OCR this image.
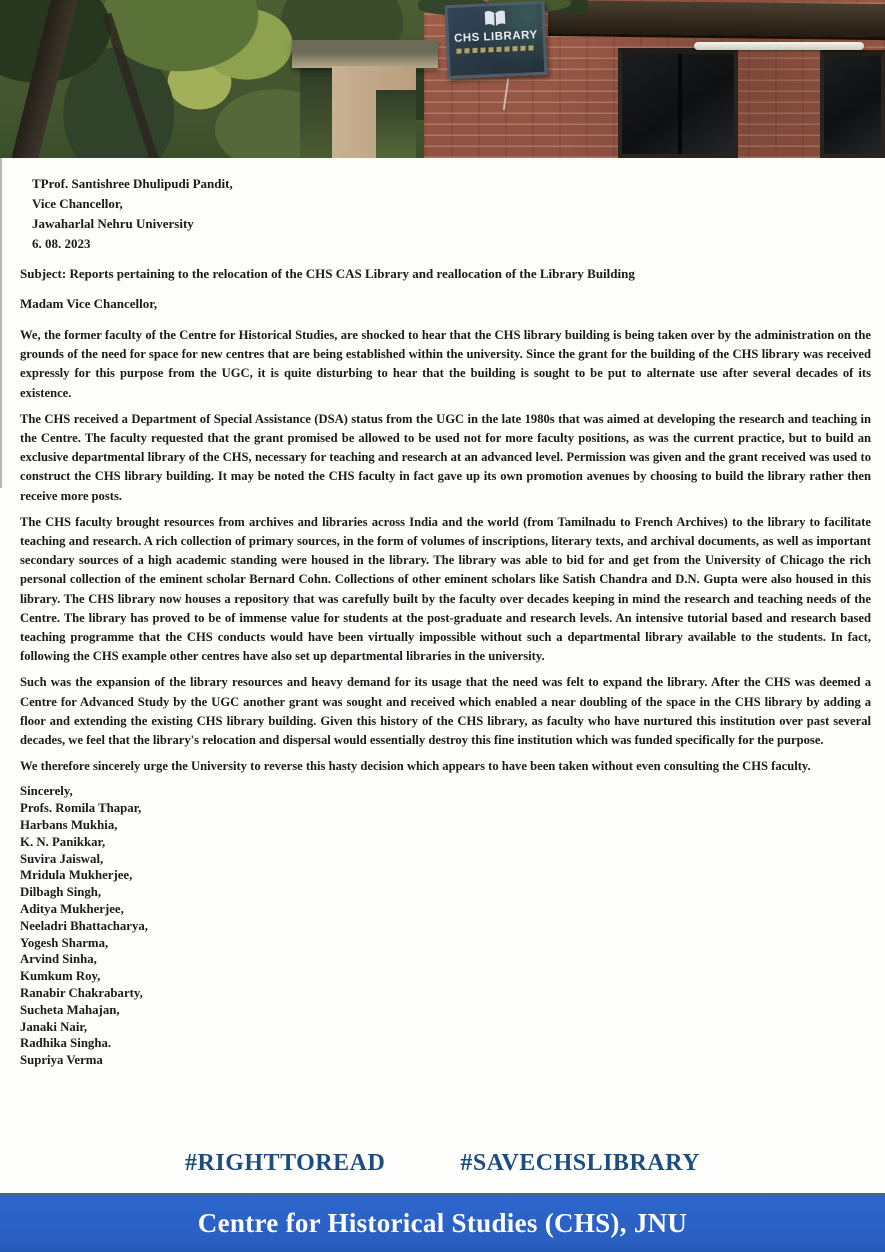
CHS LIBRARY
TProf. Santishree Dhulipudi Pandit,
Vice Chancellor,
Jawaharlal Nehru University
6. 08. 2023
Subject: Reports pertaining to the relocation of the CHS CAS Library and reallocation of the Library Building
Madam Vice Chancellor,

We, the former faculty of the Centre for Historical Studies, are shocked to hear that the CHS library building is being taken over by the administration on the grounds of the need for space for new centres that are being established within the university. Since the grant for the building of the CHS library was received expressly for this purpose from the UGC, it is quite disturbing to hear that the building is sought to be put to alternate use after several decades of its existence.

The CHS received a Department of Special Assistance (DSA) status from the UGC in the late 1980s that was aimed at developing the research and teaching in the Centre. The faculty requested that the grant promised be allowed to be used not for more faculty positions, as was the current practice, but to build an exclusive departmental library of the CHS, necessary for teaching and research at an advanced level. Permission was given and the grant received was used to construct the CHS library building. It may be noted the CHS faculty in fact gave up its own promotion avenues by choosing to build the library rather then receive more posts.

The CHS faculty brought resources from archives and libraries across India and the world (from Tamilnadu to French Archives) to the library to facilitate teaching and research. A rich collection of primary sources, in the form of volumes of inscriptions, literary texts, and archival documents, as well as important secondary sources of a high academic standing were housed in the library. The library was able to bid for and get from the University of Chicago the rich personal collection of the eminent scholar Bernard Cohn. Collections of other eminent scholars like Satish Chandra and D.N. Gupta were also housed in this library. The CHS library now houses a repository that was carefully built by the faculty over decades keeping in mind the research and teaching needs of the Centre. The library has proved to be of immense value for students at the post-graduate and research levels. An intensive tutorial based and research based teaching programme that the CHS conducts would have been virtually impossible without such a departmental library available to the students. In fact, following the CHS example other centres have also set up departmental libraries in the university.

Such was the expansion of the library resources and heavy demand for its usage that the need was felt to expand the library. After the CHS was deemed a Centre for Advanced Study by the UGC another grant was sought and received which enabled a near doubling of the space in the CHS library by adding a floor and extending the existing CHS library building. Given this history of the CHS library, as faculty who have nurtured this institution over past several decades, we feel that the library's relocation and dispersal would essentially destroy this fine institution which was funded specifically for the purpose.

We therefore sincerely urge the University to reverse this hasty decision which appears to have been taken without even consulting the CHS faculty.

Sincerely,
Profs. Romila Thapar,
Harbans Mukhia,
K. N. Panikkar,
Suvira Jaiswal,
Mridula Mukherjee,
Dilbagh Singh,
Aditya Mukherjee,
Neeladri Bhattacharya,
Yogesh Sharma,
Arvind Sinha,
Kumkum Roy,
Ranabir Chakrabarty,
Sucheta Mahajan,
Janaki Nair,
Radhika Singha.
Supriya Verma
#RIGHTTOREAD	#SAVECHSLIBRARY
Centre for Historical Studies (CHS), JNU
